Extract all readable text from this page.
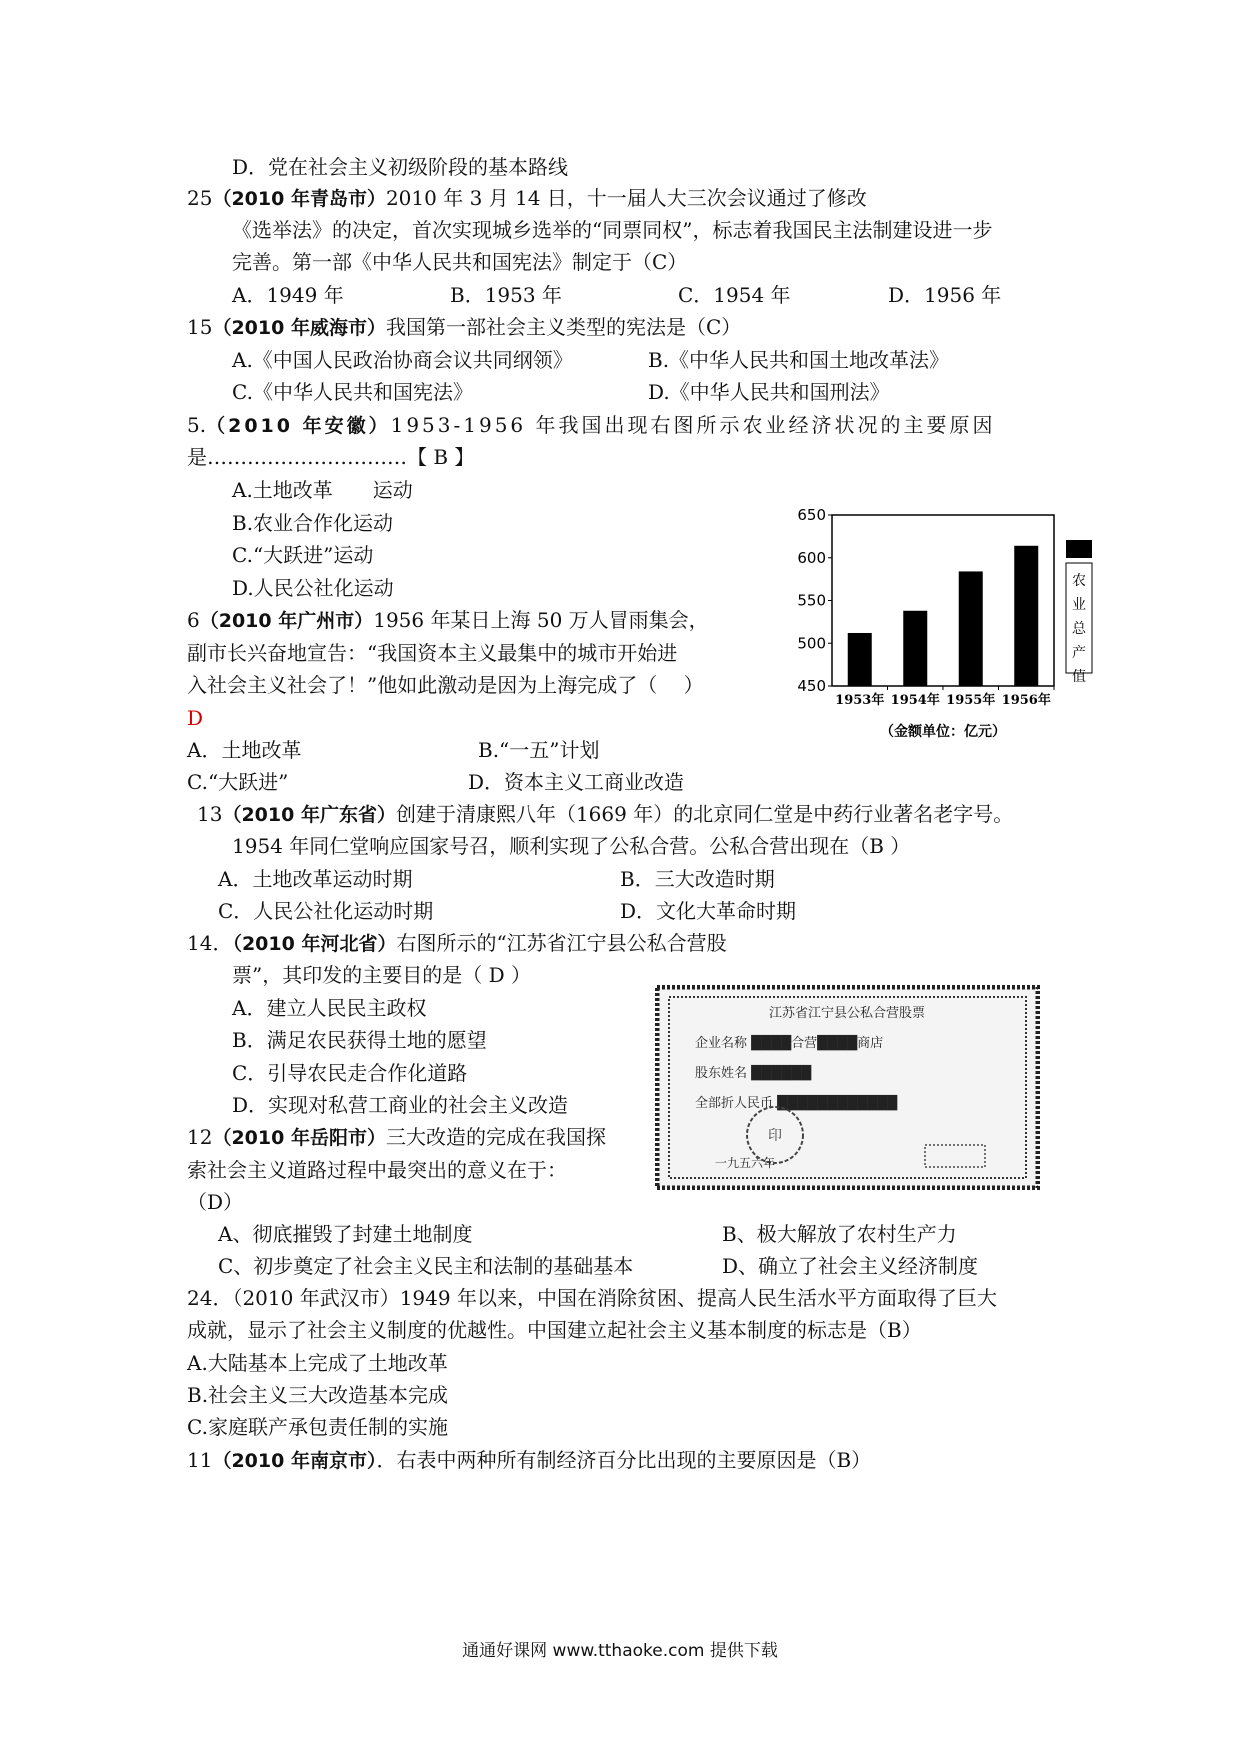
D．党在社会主义初级阶段的基本路线
25（2010 年青岛市）2010 年 3 月 14 日，十一届人大三次会议通过了修改
《选举法》的决定，首次实现城乡选举的“同票同权”，标志着我国民主法制建设进一步
完善。第一部《中华人民共和国宪法》制定于（C）
A．1949 年	B．1953 年	C．1954 年	D．1956 年
15（2010 年威海市）我国第一部社会主义类型的宪法是（C）
A.《中国人民政治协商会议共同纲领》	B.《中华人民共和国土地改革法》
C.《中华人民共和国宪法》	D.《中华人民共和国刑法》
5.（2010 年安徽）1953-1956 年我国出现右图所示农业经济状况的主要原因
是…………………………【 B 】
A.土地改革　　运动
B.农业合作化运动
C.“大跃进”运动
D.人民公社化运动
6（2010 年广州市）1956 年某日上海 50 万人冒雨集会，
副市长兴奋地宣告：“我国资本主义最集中的城市开始进
入社会主义社会了！”他如此激动是因为上海完成了（　 ）
D
A．土地改革	B.“一五”计划
C.“大跃进”	D．资本主义工商业改造
13（2010 年广东省）创建于清康熙八年（1669 年）的北京同仁堂是中药行业著名老字号。
1954 年同仁堂响应国家号召，顺利实现了公私合营。公私合营出现在（B ）
A．土地改革运动时期	B．三大改造时期
C．人民公社化运动时期	D．文化大革命时期
14．（2010 年河北省）右图所示的“江苏省江宁县公私合营股
票”，其印发的主要目的是（ D ）
A．建立人民民主政权
B．满足农民获得土地的愿望
C．引导农民走合作化道路
D．实现对私营工商业的社会主义改造
12（2010 年岳阳市）三大改造的完成在我国探
索社会主义道路过程中最突出的意义在于：
（D）
A、彻底摧毁了封建土地制度	B、极大解放了农村生产力
C、初步奠定了社会主义民主和法制的基础基本	D、确立了社会主义经济制度
24．（2010 年武汉市）1949 年以来，中国在消除贫困、提高人民生活水平方面取得了巨大
成就，显示了社会主义制度的优越性。中国建立起社会主义基本制度的标志是（B）
A.大陆基本上完成了土地改革
B.社会主义三大改造基本完成
C.家庭联产承包责任制的实施
11（2010 年南京市）．右表中两种所有制经济百分比出现的主要原因是（B）
650
600
550
500
450
1953年 1954年 1955年 1956年
农
业
总
产
值
（金额单位：亿元）
江苏省江宁县公私合营股票
企业名称 ████合营████商店
股东姓名 ██████
全部折人民币 ████████████
印
一九五六年
通通好课网 www.tthaoke.com 提供下载
